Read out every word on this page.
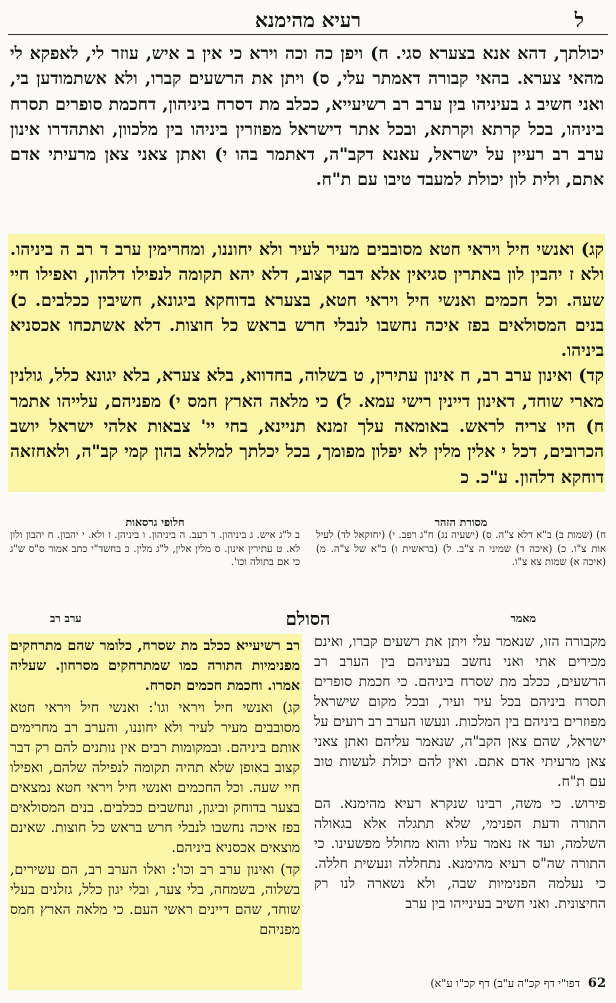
ל
רעיא מהימנא

יכולתך, דהא אנא בצערא סגי. ח) ויפן כה וכה וירא כי אין ב איש, עוזר לי, לאפקא לי מהאי צערא. בהאי קבורה דאמתר עלי, ס) ויתן את הרשעים קברו, ולא אשתמודען בי, ואני חשיב ג בעיניהו בין ערב רב רשיעייא, ככלב מת דסרח ביניהון, דחכמת סופרים תסרח ביניהו, בכל קרתא וקרתא, ובכל אתר דישראל מפוזרין ביניהו בין מלכוון, ואתהדרו אינון ערב רב רעיין על ישראל, עאנא דקב"ה, דאתמר בהו י) ואתן צאני צאן מרעיתי אדם אתם, ולית לון יכולת למעבד טיבו עם ת"ח.

קג) ואנשי חיל ויראי חטא מסובבים מעיר לעיר ולא יחוננו, ומחרימין ערב ד רב ה ביניהו. ולא ז יהבין לון באתרין סגיאין אלא דבר קצוב, דלא יהא תקומה לנפילו דלהון, ואפילו חיי שעה. וכל חכמים ואנשי חיל ויראי חטא, בצערא בדוחקא ביגונא, חשיבין ככלבים. כ) בנים המסולאים בפז איכה נחשבו לנבלי חרש בראש כל חוצות. דלא אשתכחו אכסניא ביניהו.

קד) ואינון ערב רב, ח אינון עתירין, ט בשלוה, בחדווא, בלא צערא, בלא יגונא כלל, גולנין מארי שוחד, דאינון דיינין רישי עמא. ל) כי מלאה הארץ חמס י) מפניהם, עלייהו אתמר ח) היו צריה לראש. באומאה עלך זמנא תניינא, בחי יי' צבאות אלהי ישראל יושב הכרובים, דכל י אלין מלין לא יפלון מפומך, בכל יכלתך למללא בהון קמי קב"ה, ולאחזאה דוחקא דלהון. ע"כ. כ

מסורת הזהר
ח) (שמות ב) ב"א דלא צ"ה. ס) (ישעיה נג) ח"ג רפב. י) (יחזקאל לד) לעיל אות צ"ו. כ) (איכה ד) שמיני ה צ"ב. ל) (בראשית ו) ב"א של צ"ה. מ) (איכה א) שמות צא צ"ו.
חלופי גרסאות
ב ל"ג איש. ג ביניהון. ד רעב. ה ביניהון. ו ביניהן. ז ולא. י יהבון. ח יהבון ולון לא. ט עתירין אינון. ס מלין אלין, ל"ג מלין. כ בחשד"י כתב אמור ס"ס ש"ג כי אם בתולה וכו'.
מאמר
הסולם
ערב רב

מקבורה הזו, שנאמר עלי ויתן את רשעים קברו, ואינם מכירים אתי ואני נחשב בעיניהם בין הערב רב הרשעים, ככלב מת שסרח ביניהם. כי חכמת סופרים תסרח ביניהם בכל עיר ועיר, ובכל מקום שישראל מפוזרים ביניהם בין המלכות. ונעשו הערב רב רועים על ישראל, שהם צאן הקב"ה, שנאמר עליהם ואתן צאני צאן מרעיתי אדם אתם. ואין להם יכולת לעשות טוב עם ת"ח.

פירוש. כי משה, רבינו שנקרא רעיא מהימנא. הם התורה ודעת הפנימי, שלא תתגלה אלא בגאולה השלמה, ועד אז נאמר עליו והוא מחולל מפשעינו. כי התורה שה"ס רעיא מהימנא. נתחללה ונעשית חללה. כי נעלמה הפנימיות שבה, ולא נשארה לנו רק החיצונית. ואני חשיב בעינייהו בין ערב

רב רשיעייא ככלב מת שסרח, כלומר שהם מתרחקים מפנימיות התורה כמו שמתרחקים מסרחון. שעליה אמרו. וחכמת חכמים תסרח.

קג) ואנשי חיל ויראי וגו': ואנשי חיל ויראי חטא מסובבים מעיר לעיר ולא יחוננו, והערב רב מחרימים אותם ביניהם. ובמקומות רבים אין נותנים להם רק דבר קצוב באופן שלא תהיה תקומה לנפילה שלהם, ואפילו חיי שעה. וכל החכמים ואנשי חיל ויראי חטא נמצאים בצער בדוחק וביגון, ונחשבים ככלבים. בנים המסולאים בפז איכה נחשבו לנבלי חרש בראש כל חוצות. שאינם מוצאים אכסניא ביניהם.

קד) ואינון ערב רב וכו': ואלו הערב רב, הם עשירים, בשלוה, בשמחה, בלי צער, ובלי יגון כלל, גזלנים בעלי שוחד, שהם דיינים ראשי העם. כי מלאה הארץ חמס מפניהם

62
דפו"י דף קכ"ה ע"ב) דף קכ"ו ע"א)
